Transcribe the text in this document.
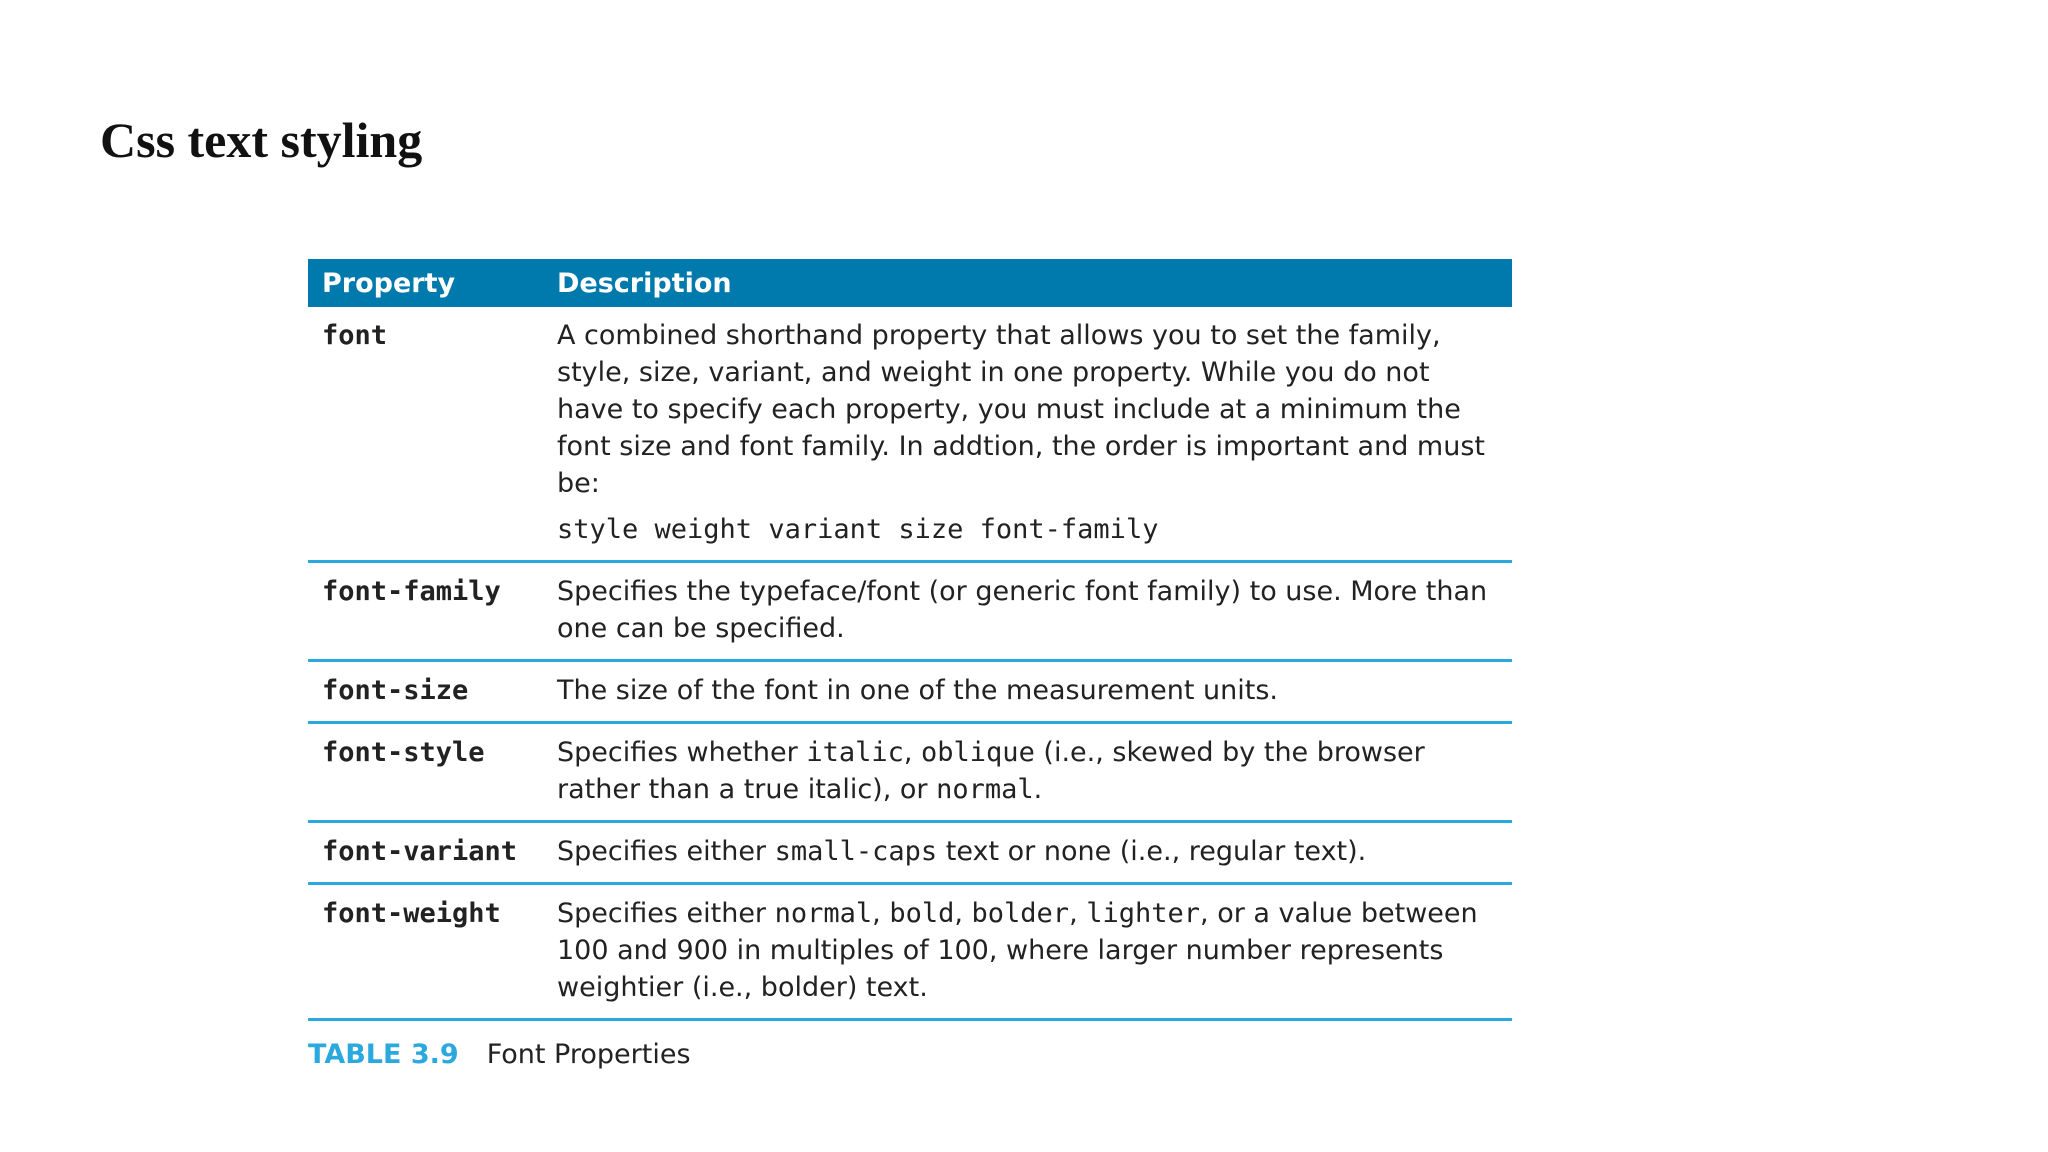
Css text styling
Property	Description
font	A combined shorthand property that allows you to set the family, style, size, variant, and weight in one property. While you do not have to specify each property, you must include at a minimum the font size and font family. In addtion, the order is important and must be:
style weight variant size font-family

font-family	Specifies the typeface/font (or generic font family) to use. More than one can be specified.
font-size	The size of the font in one of the measurement units.
font-style	Specifies whether italic, oblique (i.e., skewed by the browser rather than a true italic), or normal.
font-variant	Specifies either small-caps text or none (i.e., regular text).
font-weight	Specifies either normal, bold, bolder, lighter, or a value between 100 and 900 in multiples of 100, where larger number represents weightier (i.e., bolder) text.
TABLE 3.9 Font Properties
